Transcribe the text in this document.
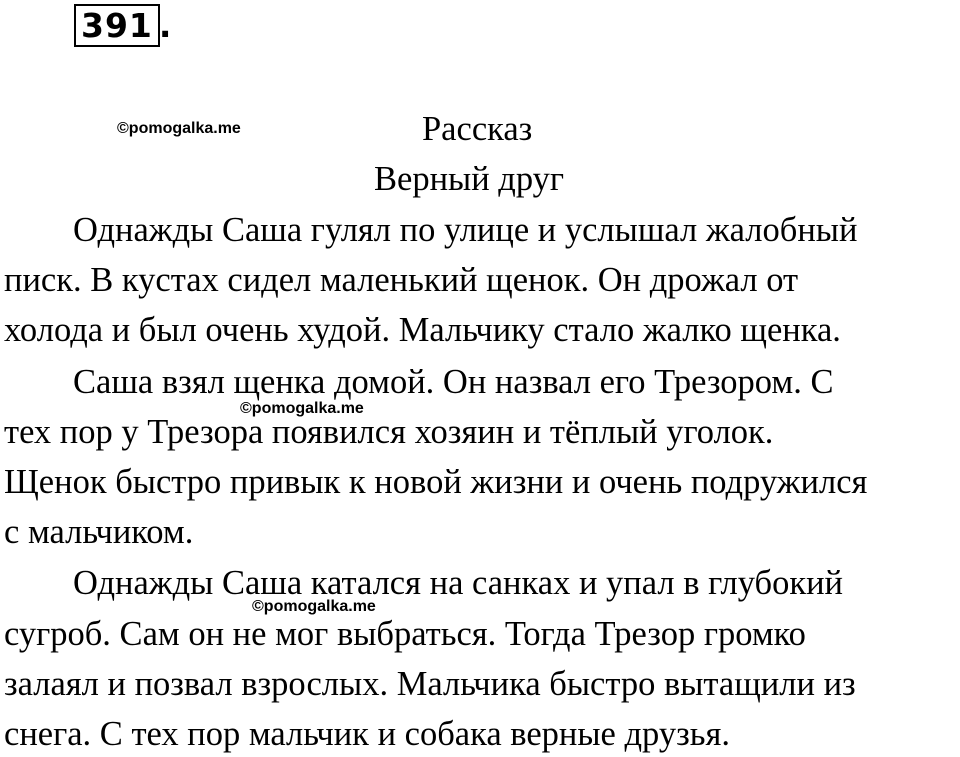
391 .
©pomogalka.me	Рассказ
Верный друг
Однажды Саша гулял по улице и услышал жалобный
писк. В кустах сидел маленький щенок. Он дрожал от
холода и был очень худой. Мальчику стало жалко щенка.
Саша взял щенка домой. Он назвал его Трезором. С
тех пор у Трезора появился хозяин и тёплый уголок.
©pomogalka.me
Щенок быстро привык к новой жизни и очень подружился
с мальчиком.
Однажды Саша катался на санках и упал в глубокий
сугроб. Сам он не мог выбраться. Тогда Трезор громко
©pomogalka.me
залаял и позвал взрослых. Мальчика быстро вытащили из
снега. С тех пор мальчик и собака верные друзья.
